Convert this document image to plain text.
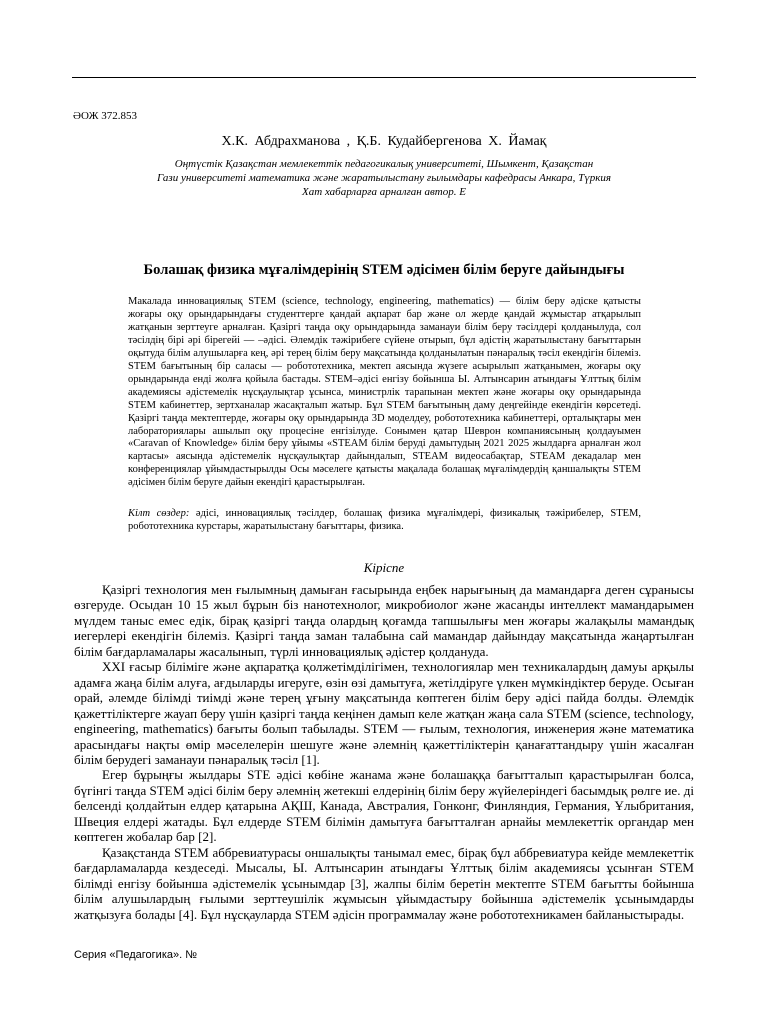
ӘОЖ 372.853
Х.К. Абдрахманова , Қ.Б. Кудайбергенова Х. Йамақ
Оңтүстік Қазақстан мемлекеттік педагогикалық университеті, Шымкент, Қазақстан
Гази университеті математика және жаратылыстану ғылымдары кафедрасы Анкара, Түркия
Хат хабарларға арналған автор. Е
Болашақ физика мұғалімдерінің STEM әдісімен білім беруге дайындығы
Макалада инновациялық STEM (science, technology, engineering, mathematics) — білім беру әдіске қатысты жоғары оқу орындарындағы студенттерге қандай ақпарат бар және ол жерде қандай жұмыстар атқарылып жатқанын зерттеуге арналған. Қазіргі таңда оқу орындарында заманауи білім беру тәсілдері қолданылуда, сол тәсілдің бірі әрі бірегейі — –әдісі. Әлемдік тәжірибеге сүйене отырып, бұл әдістің жаратылыстану бағыттарын оқытуда білім алушыларға кең, әрі терең білім беру мақсатында қолданылатын пәнаралық тәсіл екендігін білеміз. STEM бағытының бір саласы — робототехника, мектеп аясында жүзеге асырылып жатқанымен, жоғары оқу орындарында енді жолға қойыла бастады. STEM–әдісі енгізу бойынша Ы. Алтынсарин атындағы Ұлттық білім академиясы әдістемелік нұсқаулықтар ұсынса, министрлік тарапынан мектеп және жоғары оқу орындарында STEM кабинеттер, зертханалар жасақталып жатыр. Бұл STEM бағытының даму деңгейінде екендігін көрсетеді. Қазіргі таңда мектептерде, жоғары оқу орындарында 3D моделдеу, робототехника кабинеттері, орталықтары мен лабораториялары ашылып оқу процесіне енгізілуде. Сонымен қатар Шеврон компаниясының қолдауымен «Caravan of Knowledge» білім беру ұйымы «STEAM білім беруді дамытудың 2021 2025 жылдарға арналған жол картасы» аясында әдістемелік нұсқаулықтар дайындалып, STEAM видеосабақтар, STEAM декадалар мен конференциялар ұйымдастырылды Осы мәселеге қатысты мақалада болашақ мұғалімдердің қаншалықты STEM әдісімен білім беруге дайын екендігі қарастырылған.
Кілт сөздер: әдісі, инновациялық тәсілдер, болашақ физика мұғалімдері, физикалық тәжірибелер, STEM, робототехника курстары, жаратылыстану бағыттары, физика.
Кіріспе

Қазіргі технология мен ғылымның дамыған ғасырында еңбек нарығының да мамандарға деген сұранысы өзгеруде. Осыдан 10 15 жыл бұрын біз нанотехнолог, микробиолог және жасанды интеллект мамандарымен мүлдем таныс емес едік, бірақ қазіргі таңда олардың қоғамда тапшылығы мен жоғары жалақылы мамандық иегерлері екендігін білеміз. Қазіргі таңда заман талабына сай мамандар дайындау мақсатында жаңартылған білім бағдарламалары жасалынып, түрлі инновациялық әдістер қолдануда.

XXI ғасыр біліміге және ақпаратқа қолжетімділігімен, технологиялар мен техникалардың дамуы арқылы адамға жаңа білім алуға, ағдыларды игеруге, өзін өзі дамытуға, жетілдіруге үлкен мүмкіндіктер беруде. Осыған орай, әлемде білімді тиімді және терең ұғыну мақсатында көптеген білім беру әдісі пайда болды. Әлемдік қажеттіліктерге жауап беру үшін қазіргі таңда кеңінен дамып келе жатқан жаңа сала STEM (science, technology, engineering, mathematics) бағыты болып табылады. STEM — ғылым, технология, инженерия және математика арасындағы нақты өмір мәселелерін шешуге және әлемнің қажеттіліктерін қанағаттандыру үшін жасалған білім берудегі заманауи пәнаралық тәсіл [1].

Егер бұрыңғы жылдары STE әдісі көбіне жанама және болашаққа бағытталып қарастырылған болса, бүгінгі таңда STEM әдісі білім беру әлемнің жетекші елдерінің білім беру жүйелеріндегі басымдық рөлге ие. ді белсенді қолдайтын елдер қатарына АҚШ, Канада, Австралия, Гонконг, Финляндия, Германия, Ұлыбритания, Швеция елдері жатады. Бұл елдерде STEM білімін дамытуға бағытталған арнайы мемлекеттік органдар мен көптеген жобалар бар [2].

Қазақстанда STEM аббревиатурасы оншалықты танымал емес, бірақ бұл аббревиатура кейде мемлекеттік бағдарламаларда кездеседі. Мысалы, Ы. Алтынсарин атындағы Ұлттық білім академиясы ұсынған STEM білімді енгізу бойынша әдістемелік ұсынымдар [3], жалпы білім беретін мектепте STEM бағытты бойынша білім алушылардың ғылыми зерттеушілік жұмысын ұйымдастыру бойынша әдістемелік ұсынымдарды жатқызуға болады [4]. Бұл нұсқауларда STEM әдісін программалау және робототехникамен байланыстырады.

Серия «Педагогика». №
